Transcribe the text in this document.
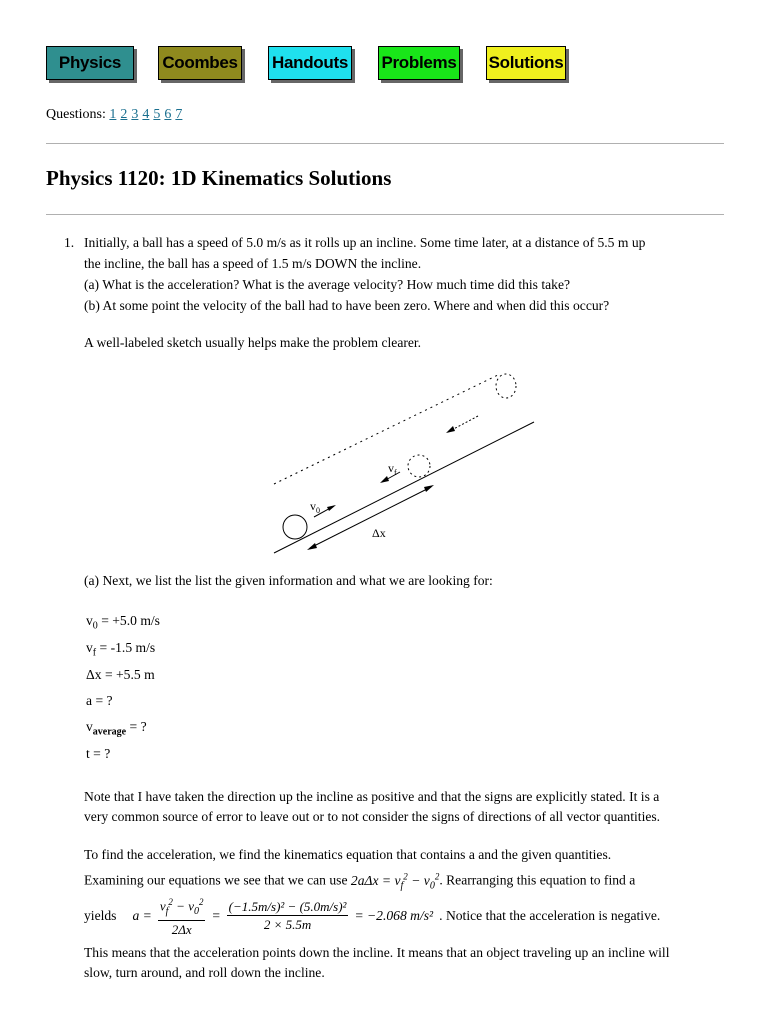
Physics	Coombes Handouts Problems Solutions
Questions: 1 2 3 4 5 6 7
Physics 1120: 1D Kinematics Solutions
1. Initially, a ball has a speed of 5.0 m/s as it rolls up an incline. Some time later, at a distance of 5.5 m up
the incline, the ball has a speed of 1.5 m/s DOWN the incline.
(a) What is the acceleration? What is the average velocity? How much time did this take?
(b) At some point the velocity of the ball had to have been zero. Where and when did this occur?
A well-labeled sketch usually helps make the problem clearer.
$v_f$
$v_0$
Δx
(a) Next, we list the list the given information and what we are looking for:
$v_0 = +5.0$ m/s
$v_f = -1.5$ m/s
Δx = +5.5 m
a = ?
$v_{average}$ = ?
t = ?
Note that I have taken the direction up the incline as positive and that the signs are explicitly stated. It is a
very common source of error to leave out or to not consider the signs of directions of all vector quantities.
To find the acceleration, we find the kinematics equation that contains a and the given quantities.
Examining our equations we see that we can use $2a\Delta x = v_f^2 - v_0^2$. Rearranging this equation to find a
yields $a = \frac{v_f^2 - v_0^2}{2\Delta x} = \frac{\text{(−1.5m/s)² − (5.0m/s)²}}{2 \times 5.5m} = -2.068$ m/s² . Notice that the acceleration is negative.
This means that the acceleration points down the incline. It means that an object traveling up an incline will
slow, turn around, and roll down the incline.
